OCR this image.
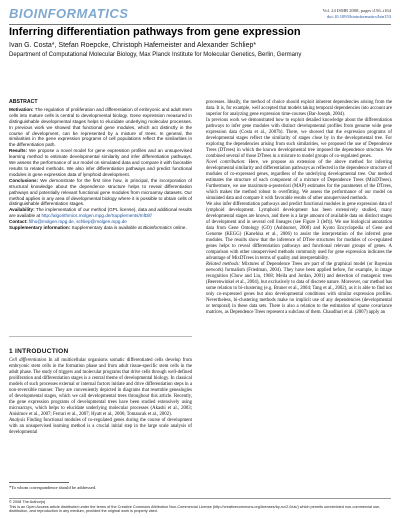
BIOINFORMATICS	Vol. 24 ISMB 2008, pages i156–i164
doi:10.1093/bioinformatics/btn153
Inferring differentiation pathways from gene expression
Ivan G. Costa*, Stefan Roepcke, Christoph Hafemeister and Alexander Schliep*
Department of Computational Molecular Biology, Max Planck Institute for Molecular Genetics, Berlin, Germany
ABSTRACT

Motivation: The regulation of proliferation and differentiation of embryonic and adult stem cells into mature cells is central to developmental biology. Gene expression measured in distinguishable developmental stages helps to elucidate underlying molecular processes. In previous work we showed that functional gene modules, which act distinctly in the course of development, can be represented by a mixture of trees. In general, the similarities in the gene expression programs of cell populations reflect the similarities in the differentiation path.

Results: We propose a novel model for gene expression profiles and an unsupervised learning method to estimate developmental similarity and infer differentiation pathways. We assess the performance of our model on simulated data and compare it with favorable results to related methods. We also infer differentiation pathways and predict functional modules in gene expression data of lymphoid development.

Conclusions: We demonstrate for the first time how, in principal, the incorporation of structural knowledge about the dependence structure helps to reveal differentiation pathways and potentially relevant functional gene modules from microarray datasets. Our method applies in any area of developmental biology where it is possible to obtain cells of distinguishable differentiation stages.

Availability: The implementation of our method (GPL license), data and additional results are available at http://algorithmics.molgen.mpg.de/Supplements/InfDif/

Contact: filho@molgen.mpg.de, schliep@molgen.mpg.de

Supplementary information: Supplementary data is available at Bioinformatics online.

1 INTRODUCTION

Cell differentiation In all multicellular organisms somatic differentiated cells develop from embryonic stem cells in the formation phase and from adult tissue-specific stem cells in the adult phase. The study of triggers and molecular programs that drive cells through well-defined proliferation and differentiation stages is a central theme of developmental biology. In classical models of such processes external or internal factors initiate and drive differentiation steps in a non-reversible manner. They are conveniently depicted in diagrams that resemble genealogies of developmental stages, which we call developmental trees throughout this article. Recently, the gene expression programs of developmental trees have been studied extensively using microarrays, which helps to elucidate underlying molecular processes (Akashi et al., 2003; Anisimov et al., 2007; Ferrari et al., 2007; Hyatt et al., 2006; Tomancak et al., 2002).

Analysis Finding functional modules of co-regulated genes during the course of development with an unsupervised learning method is a crucial initial step in the large scale analysis of developmental

*To whom correspondence should be addressed.

processes. Ideally, the method of choice should exploit inherent dependencies arising from the data. It is, for example, well accepted that models taking temporal dependencies into account are superior for analyzing gene expression time-courses (Bar-Joseph, 2004).

In previous work we demonstrated how to exploit detailed knowledge about the differentiation pathways to infer gene modules with distinct developmental profiles from genome wide gene expression data (Costa et al., 2007b). There, we showed that the expression programs of developmental stages reflect the similarity of stages close by in the developmental tree. For exploring the dependencies arising from such similarities, we proposed the use of Dependence Trees (DTrees) in which the known developmental tree imposed the dependence structure. We combined several of those DTrees in a mixture to model groups of co-regulated genes.

Novel contribution: Here, we propose an extension of the above method for inferring developmental similarity and differentiation pathways as reflected in the dependence structure of modules of co-expressed genes, regardless of the underlying developmental tree. Our method estimates the structure of each component of a mixture of Dependence Trees (MixDTrees). Furthermore, we use maximum-a-posteriori (MAP) estimates for the parameters of the DTrees, which makes the method robust to overfitting. We assess the performance of our model on simulated data and compare it with favorable results of other unsupervised methods.

We also infer differentiation pathways and predict functional modules in gene expression data of lymphoid development. Lymphoid development has been extensively studied, many developmental stages are known, and there is a large amount of available data on distinct stages of development and in several cell lineages (see Figure 3 (left)). We use biological annotation data from Gene Ontology (GO) (Ashburner, 2000) and Kyoto Encyclopedia of Gene and Genome (KEGG) (Kanehisa et al., 2006) to assist the interpretation of the inferred gene modules. The results show that the inference of DTree structures for modules of co-regulated genes helps to reveal differentiation pathways and functional relevant groups of genes. A comparison with other unsupervised methods commonly used for gene expression indicates the advantage of MixDTrees in terms of quality and interpretability.

Related methods: Mixtures of Dependence Trees are part of the graphical model (or Bayesian network) formalism (Friedman, 2004). They have been applied before, for example, in image recognition (Chow and Liu, 1968; Meila and Jordan, 2001) and detection of mutagenic trees (Beerenwinkel et al., 2004), but exclusively to data of discrete nature. Moreover, our method has some relation to bi-clustering (e.g. Bruner et al., 2004; Tang et al., 2002), as it is able to find not only co-expressed genes but also developmental conditions with similar expression profiles. Nevertheless, bi-clustering methods make no implicit use of any dependencies (developmental or temporal) in these data sets. There is also a relation to the estimation of sparse covariance matrices, as Dependence Trees represent a subclass of them. Chaudhuri et al. (2007) apply an

© 2008 The Author(s)

This is an Open Access article distributed under the terms of the Creative Commons Attribution Non-Commercial License (http://creativecommons.org/licenses/by-nc/2.0/uk/) which permits unrestricted non-commercial use, distribution, and reproduction in any medium, provided the original work is properly cited.
